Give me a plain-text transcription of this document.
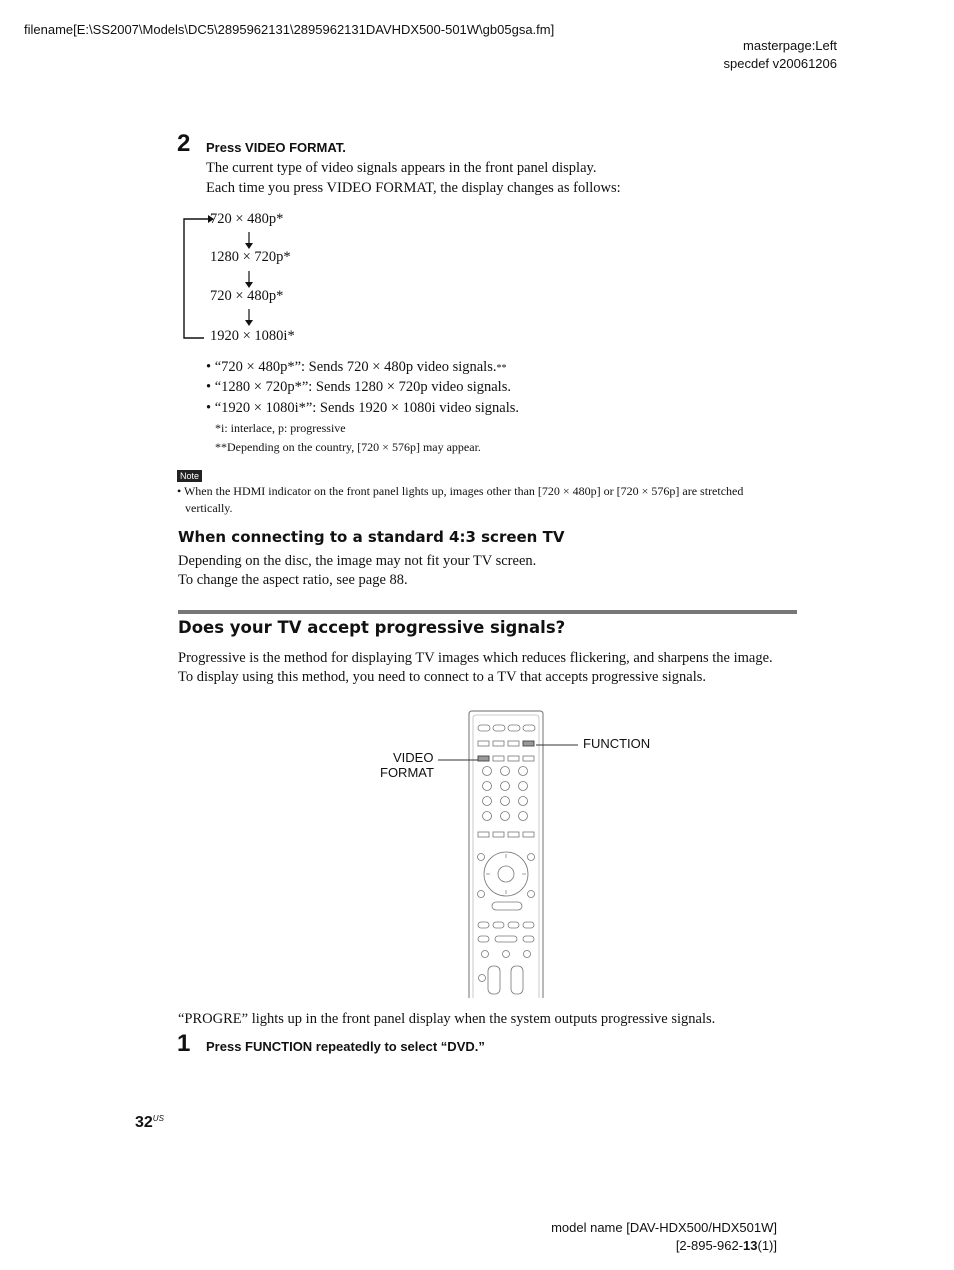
filename[E:\SS2007\Models\DC5\2895962131\2895962131DAVHDX500-501W\gb05gsa.fm]
masterpage:Left
specdef v20061206
2 Press VIDEO FORMAT.
The current type of video signals appears in the front panel display.
Each time you press VIDEO FORMAT, the display changes as follows:
720 × 480p*
1280 × 720p*
720 × 480p*
1920 × 1080i*
• “720 × 480p*”: Sends 720 × 480p video signals.**
• “1280 × 720p*”: Sends 1280 × 720p video signals.
• “1920 × 1080i*”: Sends 1920 × 1080i video signals.
*i: interlace, p: progressive
**Depending on the country, [720 × 576p] may appear.
Note
• When the HDMI indicator on the front panel lights up, images other than [720 × 480p] or [720 × 576p] are stretched
vertically.
When connecting to a standard 4:3 screen TV
Depending on the disc, the image may not fit your TV screen.
To change the aspect ratio, see page 88.
Does your TV accept progressive signals?
Progressive is the method for displaying TV images which reduces flickering, and sharpens the image.
To display using this method, you need to connect to a TV that accepts progressive signals.
FUNCTION
VIDEO
FORMAT
“PROGRE” lights up in the front panel display when the system outputs progressive signals.
1 Press FUNCTION repeatedly to select “DVD.”
$32^{US}$
model name [DAV-HDX500/HDX501W]
[2-895-962-13(1)]
